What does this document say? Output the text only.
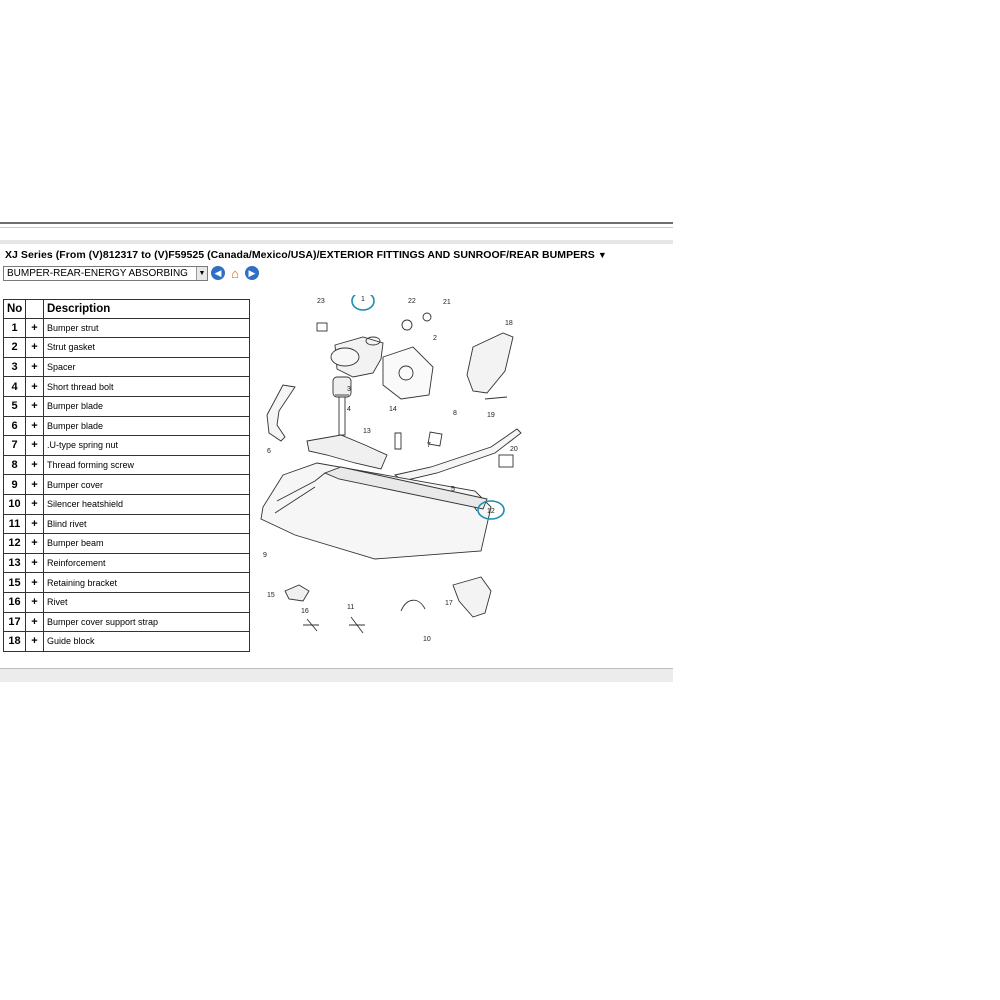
XJ Series (From (V)812317 to (V)F59525 (Canada/Mexico/USA)/EXTERIOR FITTINGS AND SUNROOF/REAR BUMPERS ▼
BUMPER-REAR-ENERGY ABSORBING	▼	◀ ⌂	▶
No		Description
1	+	Bumper strut
2	+	Strut gasket
3	+	Spacer
4	+	Short thread bolt
5	+	Bumper blade
6	+	Bumper blade
7	+	.U-type spring nut
8	+	Thread forming screw
9	+	Bumper cover
10	+	Silencer heatshield
11	+	Blind rivet
12	+	Bumper beam
13	+	Reinforcement
15	+	Retaining bracket
16	+	Rivet
17	+	Bumper cover support strap
18	+	Guide block
23	1	22	21
2
18
3
4	14
8	19
6
13
7
5
20
12
9
15
17
16
11
10
